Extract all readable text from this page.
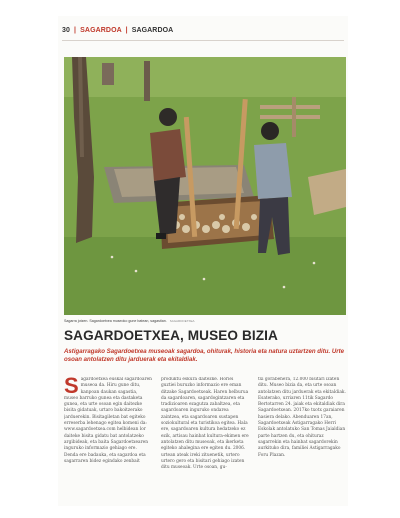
30 | SAGARDOA | SAGARDOA
Sagarra jotzen. Sagardoetxea museoko gune batean, sagastian. SAGARDOETXEA
SAGARDOETXEA, MUSEO BIZIA
Astigarragako Sagardoetxea museoak sagardoa, ohiturak, historia eta natura uztartzen ditu. Urte osoan antolatzen ditu jarduerak eta ekitaldiak.
S agardoetxea euskal sagardoaren museoa da. Hiru gune ditu, kanpoan daukan sagastia, museo barruko gunea eta dastaketa gunea, eta urte osoan egin daitezke bisita gidatuak, urtaro bakoitzerako jarduerekin. Bisitagiletan bat egiteko erreserba lehenago egitea komeni da: www.sagardoetxea.com helbidean lor daiteke bisita gidatu bat antolatzeko argibideak, eta baita Sagardoetxearen inguruko informazio gehiago ere. Denda ere badauka, eta sagardoa eta sagarraren bidez egindako zenbait

produktu eskura daitezke. Horiei guztiei buruzko informazio ere eman ditzake Sagardoetxeak. Haren helburua da sagardoaren, sagardogintzaren eta tradizioaren ezagutza zabaltzea, eta sagardoaren inguruko ondarea zaintzea, eta sagardoaren sustapen soziokultural eta turistikoa egitea. Hala ere, sagardoaren kultura hedatzeko ez ezik, artisau hainbat kultura-ekimen ere antolatzen ditu museoak, eta ikerketa egiteko ahalegina ere egiten du. 2006. urtean ateak ireki zituenetik, urtero urtero gero eta bisitari gehiago izaten ditu museoak. Urte osoan, gu-

txi gorabehera, 12.000 bisitari izaten ditu. Museo bizia da, eta urte osoan antolatzen ditu jarduerak eta ekitaldiak. Esaterako, urriaren 11tik Sagardo Bertotarren 24. jaiak eta ekitaldiak dira Sagardoetxean. 2017ko txotx garaiaren hasiera delako. Abenduaren 17an, Sagardoetxeak Astigarragako Herri Eskolak antolatuko San Tomas Jaialdian parte hartzen du, eta ohituraz sagarrekin eta hainbat sagardorekin aurkituko dira, familiei Astigarragako Foru Plazan.
